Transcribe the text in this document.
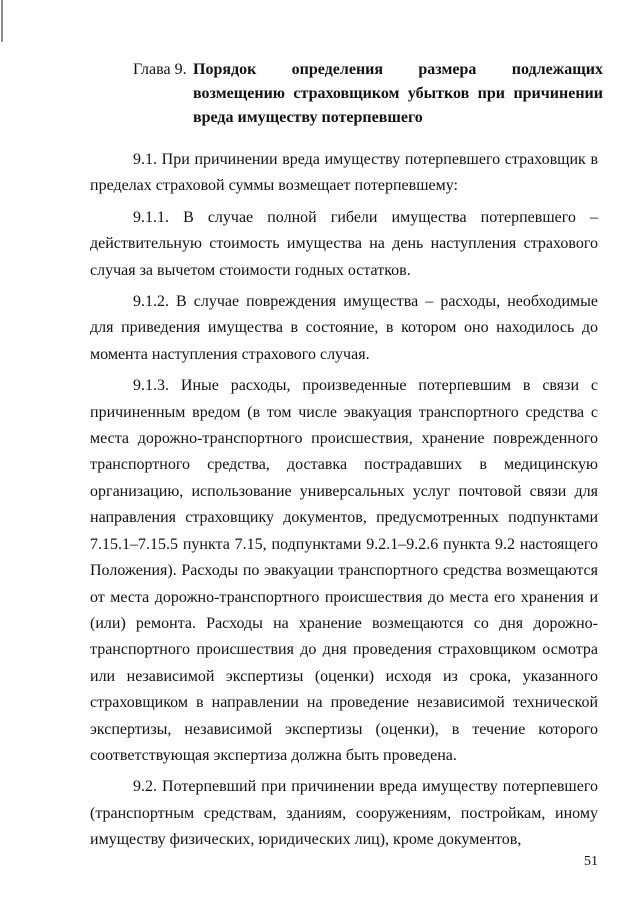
Глава 9. Порядок определения размера подлежащих возмещению страховщиком убытков при причинении вреда имуществу потерпевшего

9.1. При причинении вреда имуществу потерпевшего страховщик в пределах страховой суммы возмещает потерпевшему:

9.1.1. В случае полной гибели имущества потерпевшего – действительную стоимость имущества на день наступления страхового случая за вычетом стоимости годных остатков.

9.1.2. В случае повреждения имущества – расходы, необходимые для приведения имущества в состояние, в котором оно находилось до момента наступления страхового случая.

9.1.3. Иные расходы, произведенные потерпевшим в связи с причиненным вредом (в том числе эвакуация транспортного средства с места дорожно-транспортного происшествия, хранение поврежденного транспортного средства, доставка пострадавших в медицинскую организацию, использование универсальных услуг почтовой связи для направления страховщику документов, предусмотренных подпунктами 7.15.1–7.15.5 пункта 7.15, подпунктами 9.2.1–9.2.6 пункта 9.2 настоящего Положения). Расходы по эвакуации транспортного средства возмещаются от места дорожно-транспортного происшествия до места его хранения и (или) ремонта. Расходы на хранение возмещаются со дня дорожно-транспортного происшествия до дня проведения страховщиком осмотра или независимой экспертизы (оценки) исходя из срока, указанного страховщиком в направлении на проведение независимой технической экспертизы, независимой экспертизы (оценки), в течение которого соответствующая экспертиза должна быть проведена.

9.2. Потерпевший при причинении вреда имуществу потерпевшего (транспортным средствам, зданиям, сооружениям, постройкам, иному имуществу физических, юридических лиц), кроме документов,

51
